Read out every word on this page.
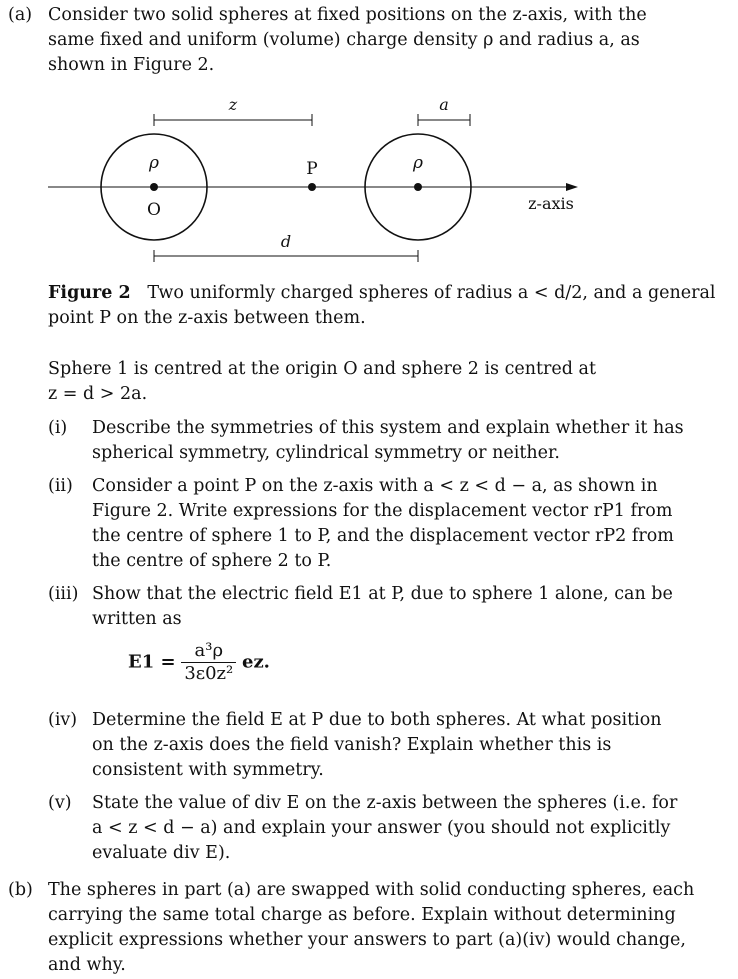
(a) Consider two solid spheres at fixed positions on the z-axis, with the
same fixed and uniform (volume) charge density ρ and radius a, as
shown in Figure 2.
z	a
z-axis
ρ
O
P	ρ
d
Figure 2 Two uniformly charged spheres of radius a < d/2, and a general
point P on the z-axis between them.
Sphere 1 is centred at the origin O and sphere 2 is centred at
z = d > 2a.
(i) Describe the symmetries of this system and explain whether it has
spherical symmetry, cylindrical symmetry or neither.
(ii) Consider a point P on the z-axis with a < z < d − a, as shown in
Figure 2. Write expressions for the displacement vector rP1 from
the centre of sphere 1 to P, and the displacement vector rP2 from
the centre of sphere 2 to P.
(iii) Show that the electric field E1 at P, due to sphere 1 alone, can be
written as
$E1 = \frac{\text{a³ρ}}{\text{3ε0z²}}$ ez.
(iv) Determine the field E at P due to both spheres. At what position
on the z-axis does the field vanish? Explain whether this is
consistent with symmetry.
(v) State the value of div E on the z-axis between the spheres (i.e. for
a < z < d − a) and explain your answer (you should not explicitly
evaluate div E).
(b) The spheres in part (a) are swapped with solid conducting spheres, each
carrying the same total charge as before. Explain without determining
explicit expressions whether your answers to part (a)(iv) would change,
and why.
